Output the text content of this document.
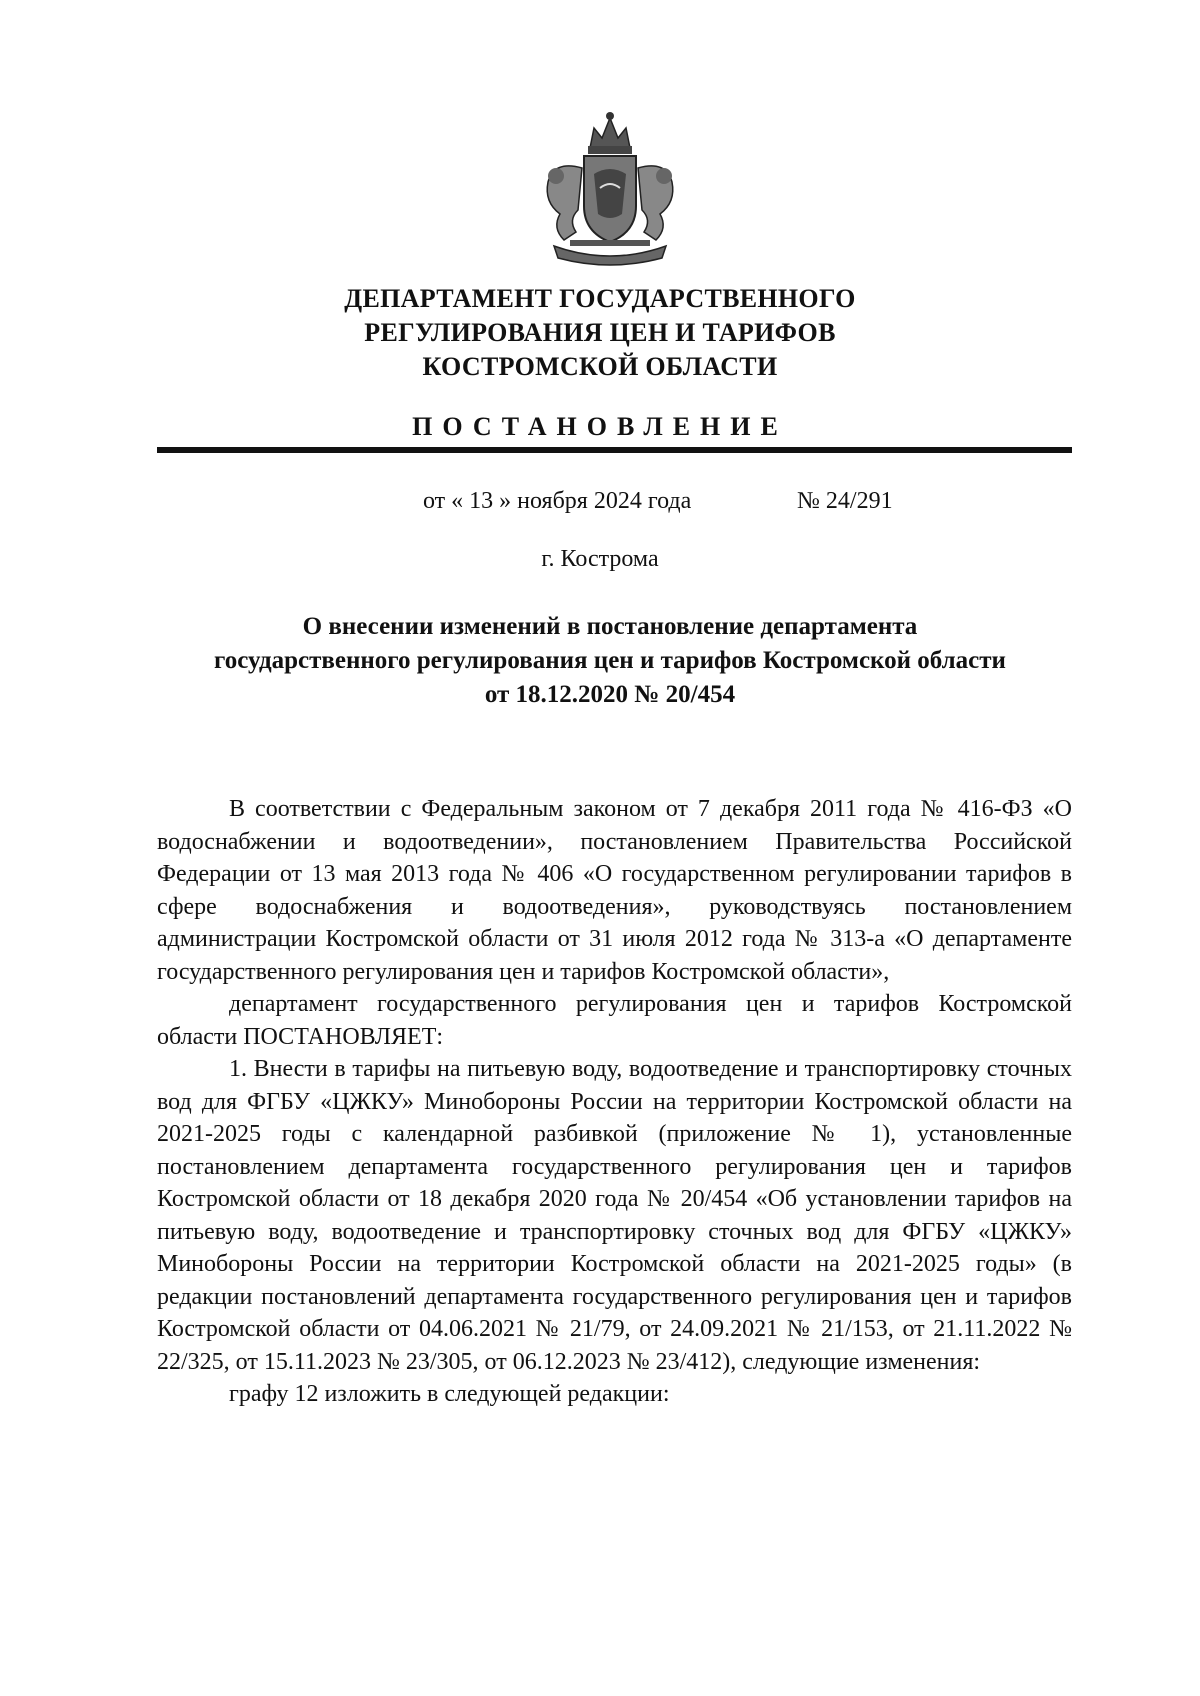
ДЕПАРТАМЕНТ ГОСУДАРСТВЕННОГО
РЕГУЛИРОВАНИЯ ЦЕН И ТАРИФОВ
КОСТРОМСКОЙ ОБЛАСТИ
ПОСТАНОВЛЕНИЕ
от « 13 » ноября 2024 года	№ 24/291
г. Кострома
О внесении изменений в постановление департамента
государственного регулирования цен и тарифов Костромской области
от 18.12.2020 № 20/454

В соответствии с Федеральным законом от 7 декабря 2011 года № 416-ФЗ «О водоснабжении и водоотведении», постановлением Правительства Российской Федерации от 13 мая 2013 года № 406 «О государственном регулировании тарифов в сфере водоснабжения и водоотведения», руководствуясь постановлением администрации Костромской области от 31 июля 2012 года № 313-а «О департаменте государственного регулирования цен и тарифов Костромской области»,

департамент государственного регулирования цен и тарифов Костромской области ПОСТАНОВЛЯЕТ:

1. Внести в тарифы на питьевую воду, водоотведение и транспортировку сточных вод для ФГБУ «ЦЖКУ» Минобороны России на территории Костромской области на 2021-2025 годы с календарной разбивкой (приложение № 1), установленные постановлением департамента государственного регулирования цен и тарифов Костромской области от 18 декабря 2020 года № 20/454 «Об установлении тарифов на питьевую воду, водоотведение и транспортировку сточных вод для ФГБУ «ЦЖКУ» Минобороны России на территории Костромской области на 2021-2025 годы» (в редакции постановлений департамента государственного регулирования цен и тарифов Костромской области от 04.06.2021 № 21/79, от 24.09.2021 № 21/153, от 21.11.2022 № 22/325, от 15.11.2023 № 23/305, от 06.12.2023 № 23/412), следующие изменения:

графу 12 изложить в следующей редакции:
